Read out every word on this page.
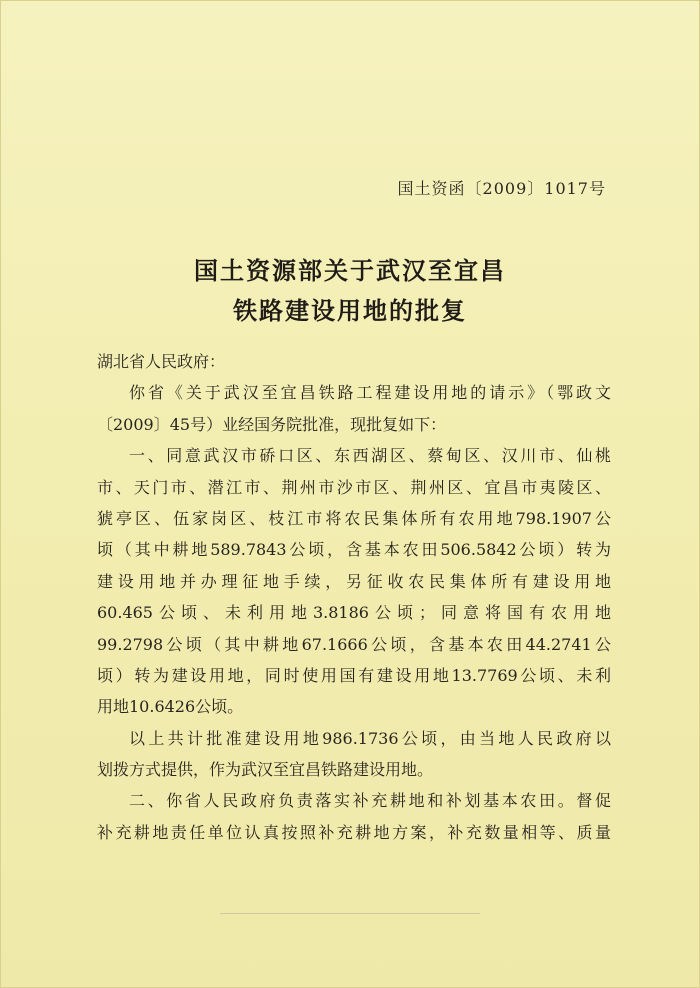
国土资函〔2009〕1017号
国土资源部关于武汉至宜昌
铁路建设用地的批复
湖北省人民政府：
你省《关于武汉至宜昌铁路工程建设用地的请示》（鄂政文
〔2009〕45号）业经国务院批准，现批复如下：
一、同意武汉市硚口区、东西湖区、蔡甸区、汉川市、仙桃
市、天门市、潜江市、荆州市沙市区、荆州区、宜昌市夷陵区、
猇亭区、伍家岗区、枝江市将农民集体所有农用地798.1907公
顷（其中耕地589.7843公顷，含基本农田506.5842公顷）转为
建设用地并办理征地手续，另征收农民集体所有建设用地
60.465公顷、未利用地3.8186公顷；同意将国有农用地
99.2798公顷（其中耕地67.1666公顷，含基本农田44.2741公
顷）转为建设用地，同时使用国有建设用地13.7769公顷、未利
用地10.6426公顷。
以上共计批准建设用地986.1736公顷，由当地人民政府以
划拨方式提供，作为武汉至宜昌铁路建设用地。
二、你省人民政府负责落实补充耕地和补划基本农田。督促
补充耕地责任单位认真按照补充耕地方案，补充数量相等、质量
